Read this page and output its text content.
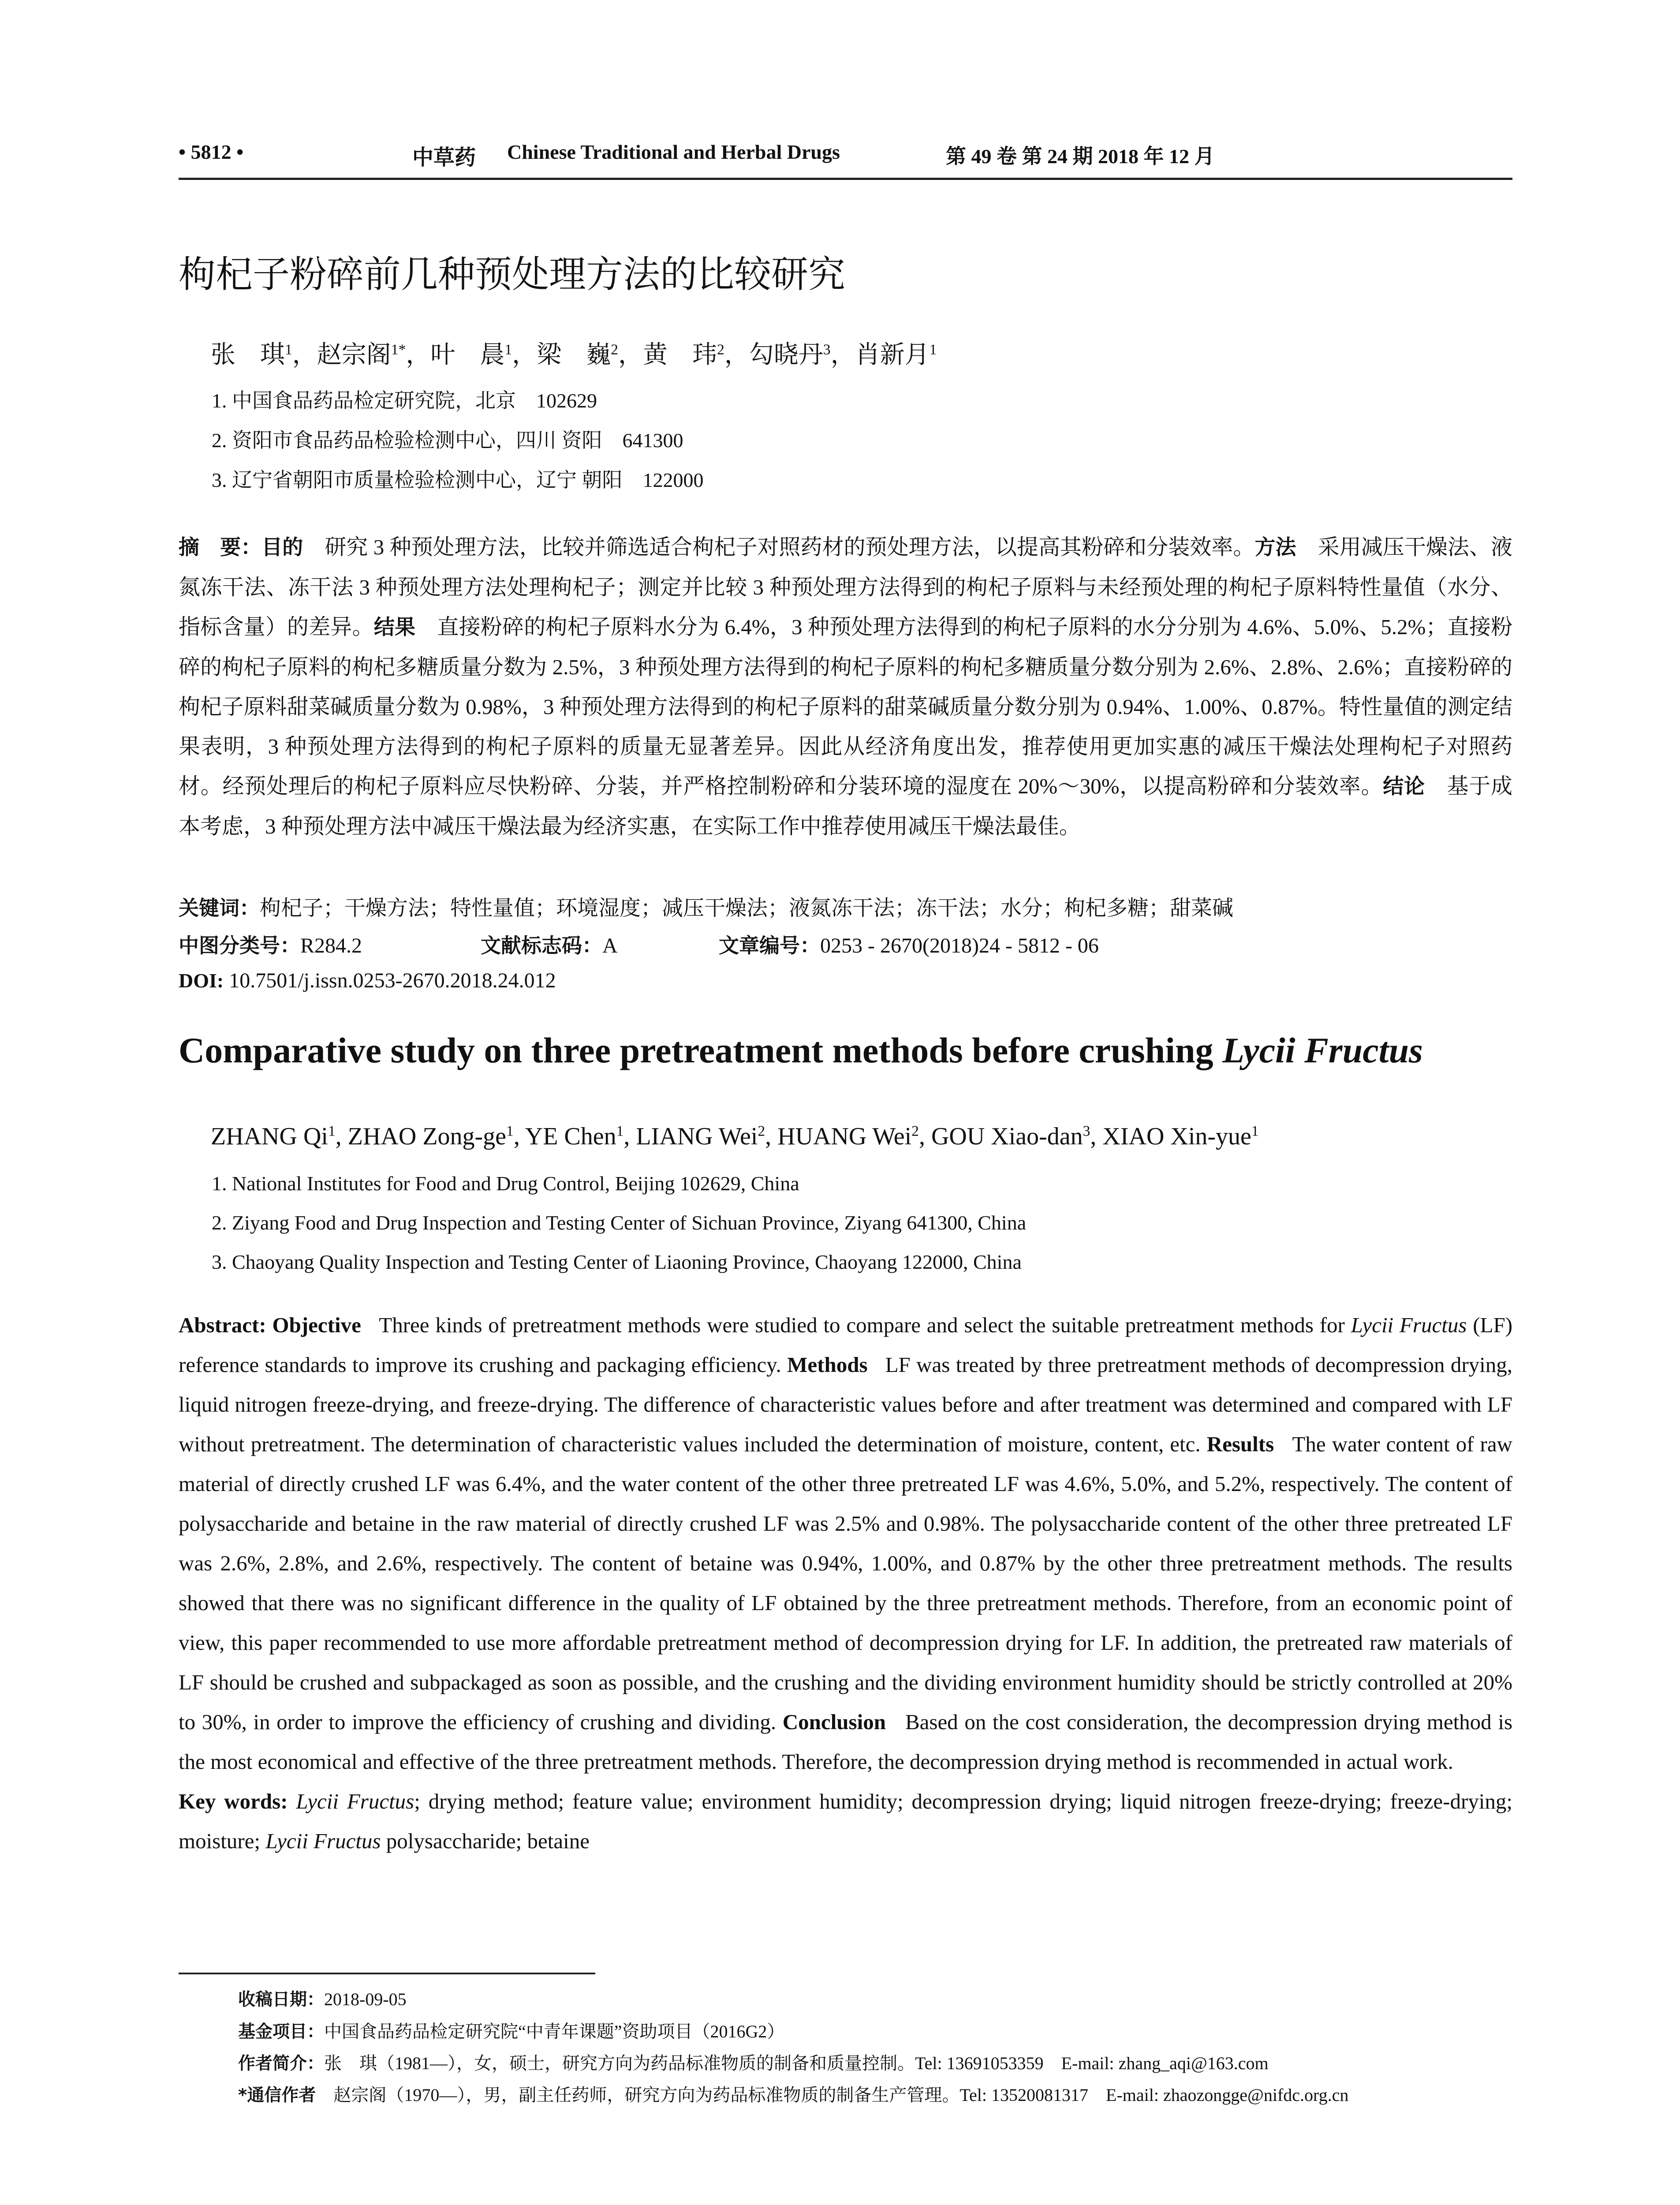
• 5812 •	中草药 Chinese Traditional and Herbal Drugs	第 49 卷 第 24 期 2018 年 12 月
枸杞子粉碎前几种预处理方法的比较研究
张　琪$^1$，赵宗阁$^{1*}$，叶　晨$^1$，梁　巍$^2$，黄　玮$^2$，勾晓丹$^3$，肖新月$^1$
1. 中国食品药品检定研究院，北京　102629
2. 资阳市食品药品检验检测中心，四川 资阳　641300
3. 辽宁省朝阳市质量检验检测中心，辽宁 朝阳　122000
摘　要：目的　 研究 3 种预处理方法，比较并筛选适合枸杞子对照药材的预处理方法，以提高其粉碎和分装效率。方法　 采用减压干燥法、液氮冻干法、冻干法 3 种预处理方法处理枸杞子；测定并比较 3 种预处理方法得到的枸杞子原料与未经预处理的枸杞子原料特性量值（水分、指标含量）的差异。结果　 直接粉碎的枸杞子原料水分为 6.4%，3 种预处理方法得到的枸杞子原料的水分分别为 4.6%、5.0%、5.2%；直接粉碎的枸杞子原料的枸杞多糖质量分数为 2.5%，3 种预处理方法得到的枸杞子原料的枸杞多糖质量分数分别为 2.6%、2.8%、2.6%；直接粉碎的枸杞子原料甜菜碱质量分数为 0.98%，3 种预处理方法得到的枸杞子原料的甜菜碱质量分数分别为 0.94%、1.00%、0.87%。特性量值的测定结果表明，3 种预处理方法得到的枸杞子原料的质量无显著差异。因此从经济角度出发，推荐使用更加实惠的减压干燥法处理枸杞子对照药材。经预处理后的枸杞子原料应尽快粉碎、分装，并严格控制粉碎和分装环境的湿度在 20%～30%，以提高粉碎和分装效率。结论　 基于成本考虑，3 种预处理方法中减压干燥法最为经济实惠，在实际工作中推荐使用减压干燥法最佳。
关键词：枸杞子；干燥方法；特性量值；环境湿度；减压干燥法；液氮冻干法；冻干法；水分；枸杞多糖；甜菜碱
中图分类号：R284.2	文献标志码：A	文章编号：0253 - 2670(2018)24 - 5812 - 06
DOI: 10.7501/j.issn.0253-2670.2018.24.012
Comparative study on three pretreatment methods before crushing Lycii Fructus
ZHANG Qi$^1$, ZHAO Zong-$ge^1$, YE Chen$^1$, LIANG Wei$^2$, HUANG Wei$^2$, GOU Xiao-dan$^3$, XIAO Xin-yue$^1$
1. National Institutes for Food and Drug Control, Beijing 102629, China
2. Ziyang Food and Drug Inspection and Testing Center of Sichuan Province, Ziyang 641300, China
3. Chaoyang Quality Inspection and Testing Center of Liaoning Province, Chaoyang 122000, China
Abstract: Objective Three kinds of pretreatment methods were studied to compare and select the suitable pretreatment methods for Lycii Fructus (LF) reference standards to improve its crushing and packaging efficiency. Methods LF was treated by three pretreatment methods of decompression drying, liquid nitrogen freeze-drying, and freeze-drying. The difference of characteristic values before and after treatment was determined and compared with LF without pretreatment. The determination of characteristic values included the determination of moisture, content, etc. Results The water content of raw material of directly crushed LF was 6.4%, and the water content of the other three pretreated LF was 4.6%, 5.0%, and 5.2%, respectively. The content of polysaccharide and betaine in the raw material of directly crushed LF was 2.5% and 0.98%. The polysaccharide content of the other three pretreated LF was 2.6%, 2.8%, and 2.6%, respectively. The content of betaine was 0.94%, 1.00%, and 0.87% by the other three pretreatment methods. The results showed that there was no significant difference in the quality of LF obtained by the three pretreatment methods. Therefore, from an economic point of view, this paper recommended to use more affordable pretreatment method of decompression drying for LF. In addition, the pretreated raw materials of LF should be crushed and subpackaged as soon as possible, and the crushing and the dividing environment humidity should be strictly controlled at 20% to 30%, in order to improve the efficiency of crushing and dividing. Conclusion Based on the cost consideration, the decompression drying method is the most economical and effective of the three pretreatment methods. Therefore, the decompression drying method is recommended in actual work.
Key words: Lycii Fructus; drying method; feature value; environment humidity; decompression drying; liquid nitrogen freeze-drying; freeze-drying; moisture; Lycii Fructus polysaccharide; betaine
收稿日期：2018-09-05
基金项目：中国食品药品检定研究院“中青年课题”资助项目（2016G2）
作者简介：张　琪（1981—），女，硕士，研究方向为药品标准物质的制备和质量控制。Tel: 13691053359　E-mail: zhang_aqi@163.com
*通信作者　 赵宗阁（1970—），男，副主任药师，研究方向为药品标准物质的制备生产管理。Tel: 13520081317　E-mail: zhaozongge@nifdc.org.cn
